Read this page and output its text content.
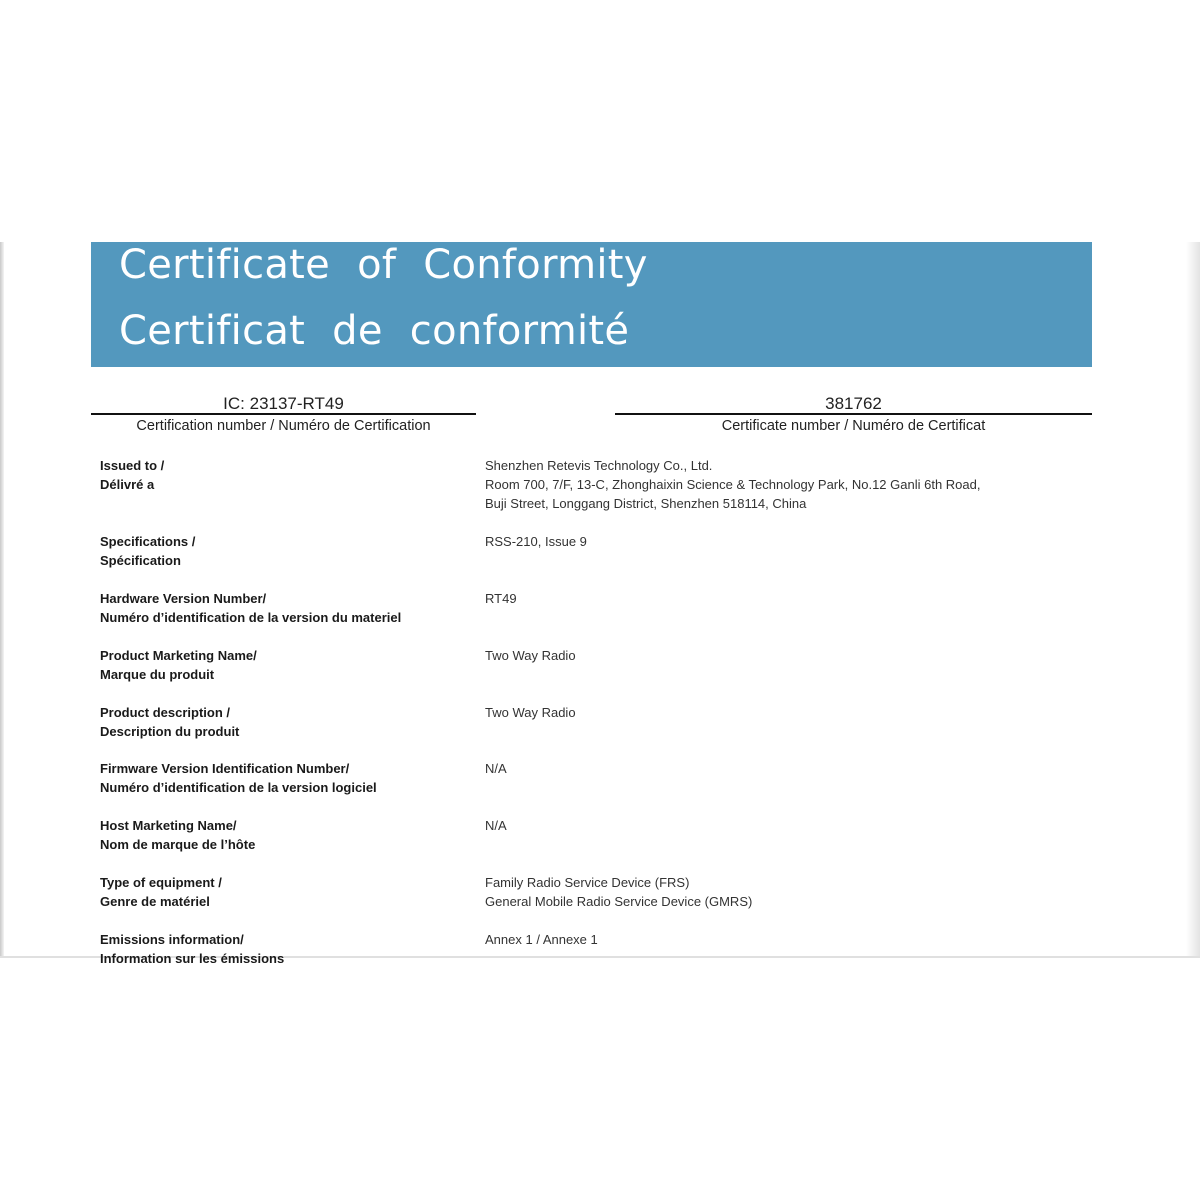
Certificate of Conformity
Certificat de conformité
IC: 23137-RT49
Certification number / Numéro de Certification
381762
Certificate number / Numéro de Certificat
Issued to /
Délivré a
Shenzhen Retevis Technology Co., Ltd.
Room 700, 7/F, 13-C, Zhonghaixin Science & Technology Park, No.12 Ganli 6th Road,
Buji Street, Longgang District, Shenzhen 518114, China
Specifications /
Spécification
RSS-210, Issue 9
Hardware Version Number/
Numéro d’identification de la version du materiel
RT49
Product Marketing Name/
Marque du produit
Two Way Radio
Product description /
Description du produit
Two Way Radio
Firmware Version Identification Number/
Numéro d’identification de la version logiciel
N/A
Host Marketing Name/
Nom de marque de l’hôte
N/A
Type of equipment /
Genre de matériel
Family Radio Service Device (FRS)
General Mobile Radio Service Device (GMRS)
Emissions information/
Information sur les émissions
Annex 1 / Annexe 1
